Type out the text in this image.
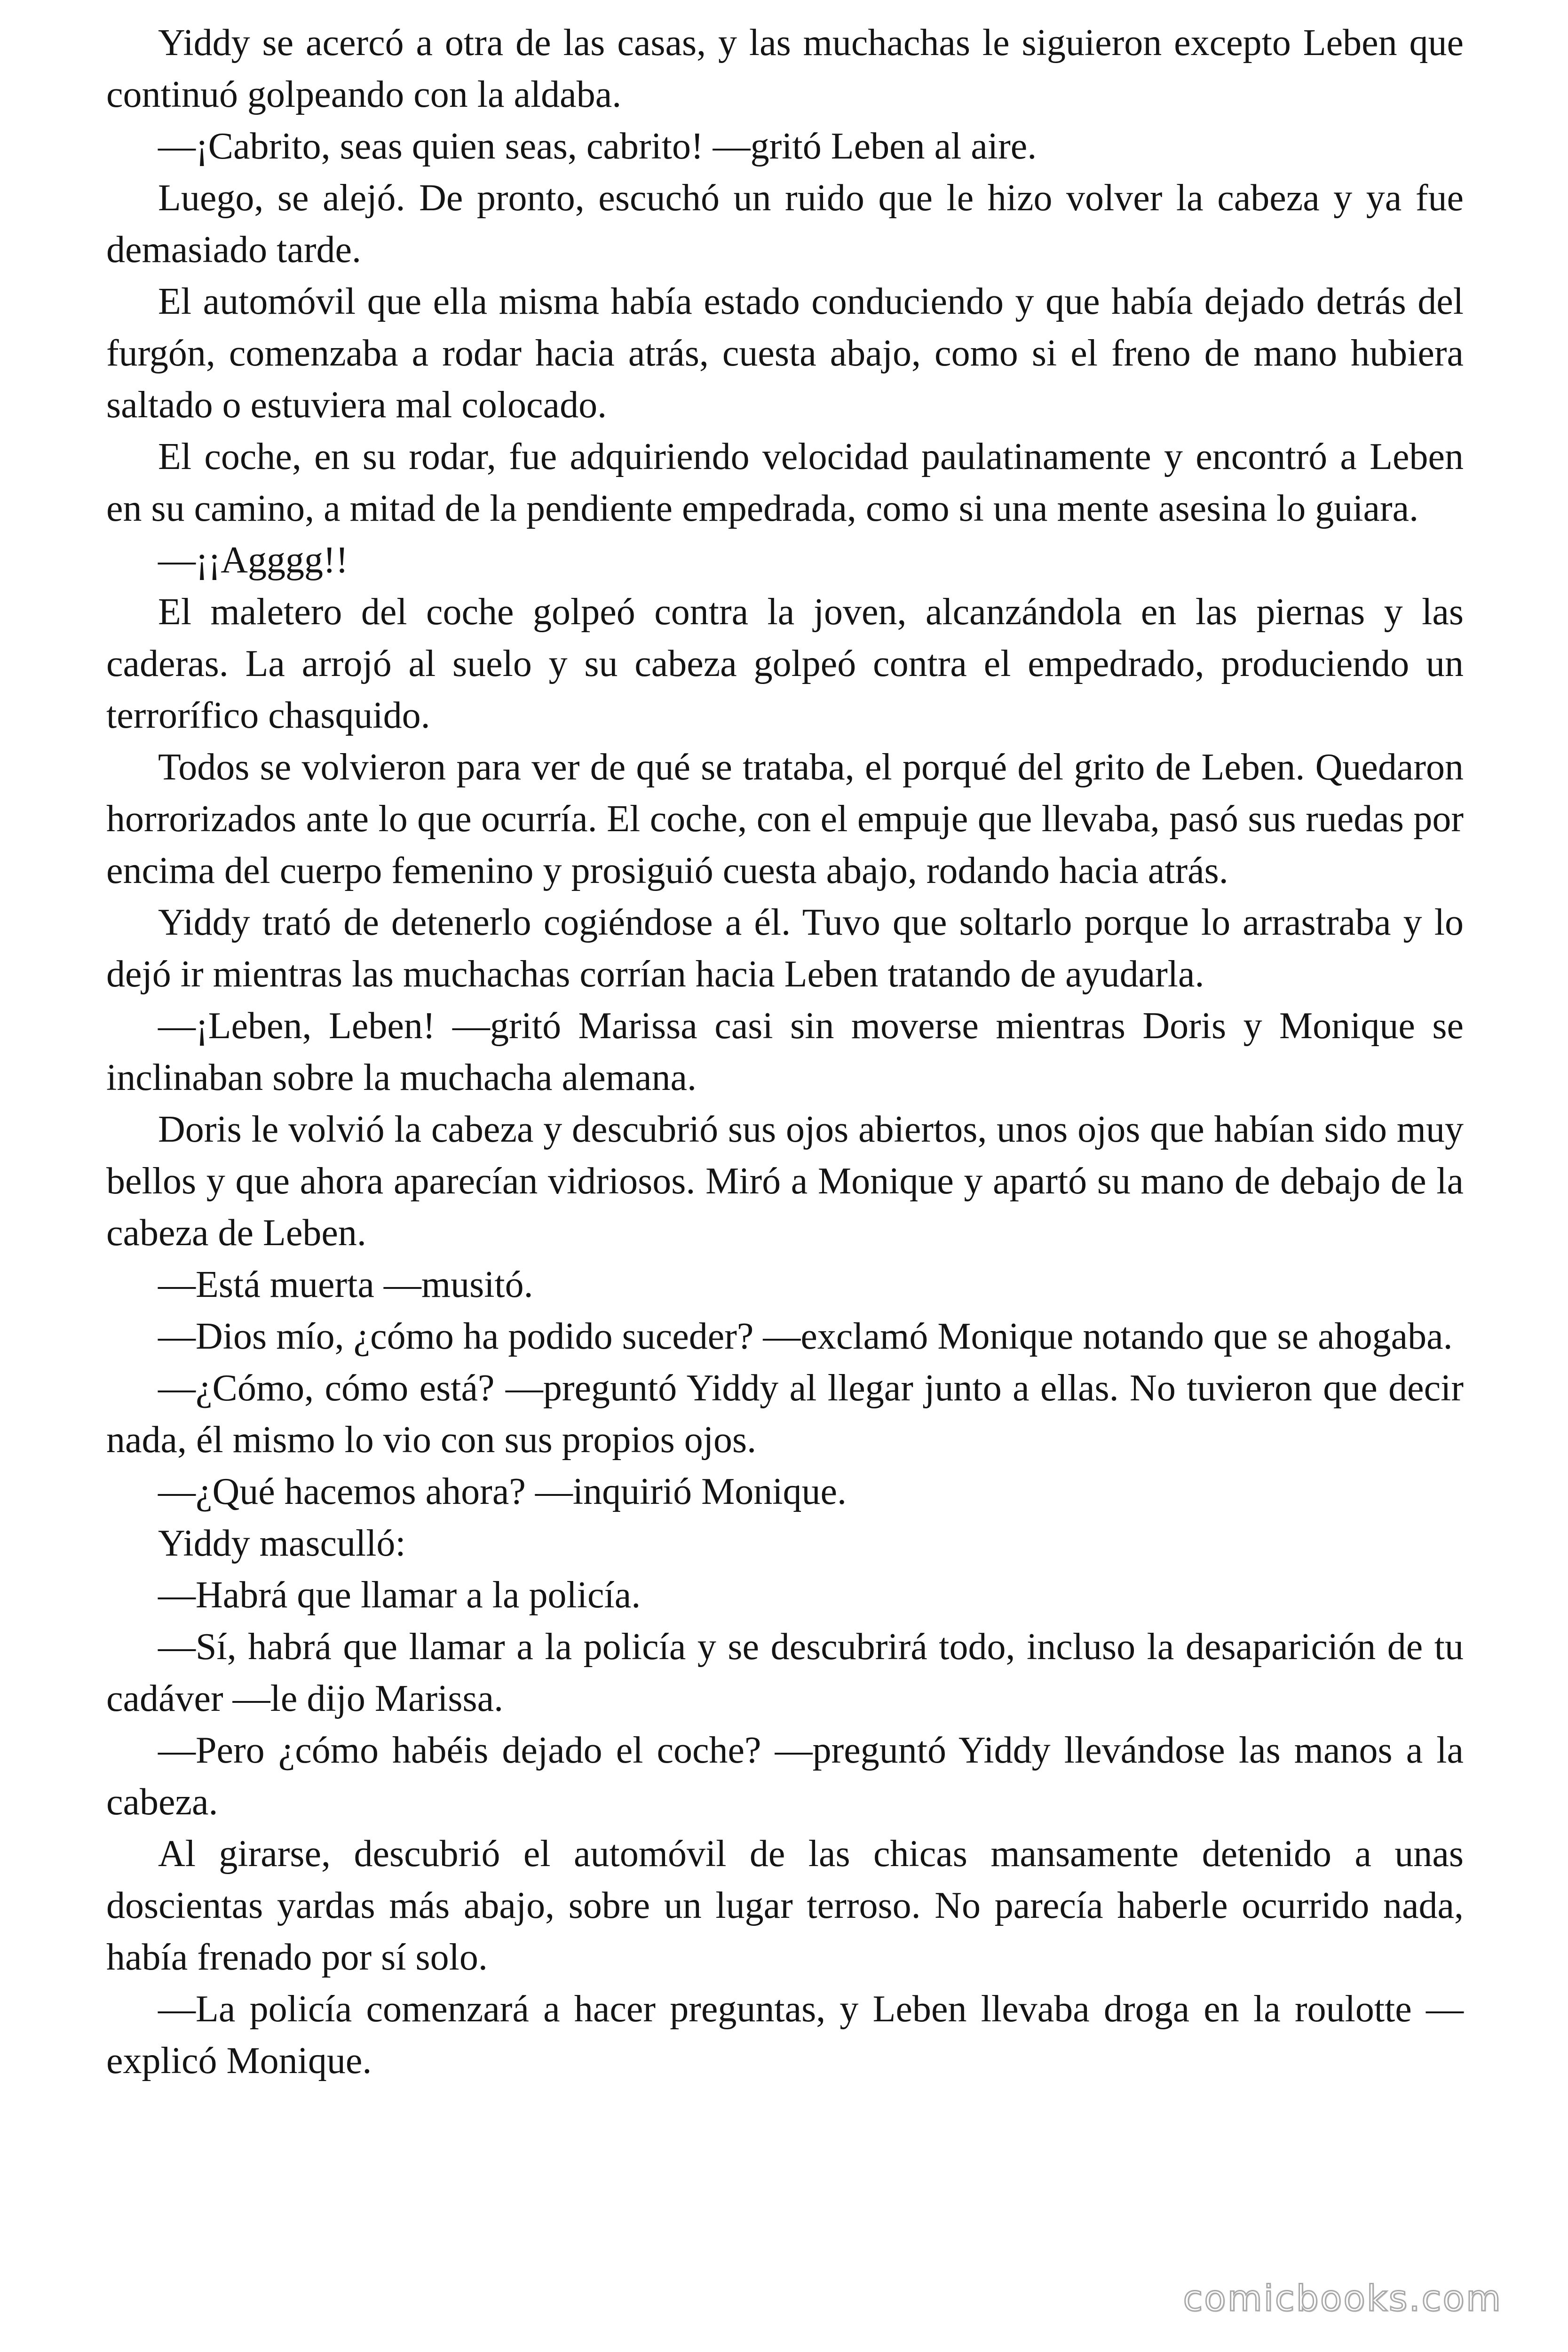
Yiddy se acercó a otra de las casas, y las muchachas le siguieron excepto Leben que continuó golpeando con la aldaba.

—¡Cabrito, seas quien seas, cabrito! —gritó Leben al aire.

Luego, se alejó. De pronto, escuchó un ruido que le hizo volver la cabeza y ya fue demasiado tarde.

El automóvil que ella misma había estado conduciendo y que había dejado detrás del furgón, comenzaba a rodar hacia atrás, cuesta abajo, como si el freno de mano hubiera saltado o estuviera mal colocado.

El coche, en su rodar, fue adquiriendo velocidad paulatinamente y encontró a Leben en su camino, a mitad de la pendiente empedrada, como si una mente asesina lo guiara.

—¡¡Agggg!!

El maletero del coche golpeó contra la joven, alcanzándola en las piernas y las caderas. La arrojó al suelo y su cabeza golpeó contra el empedrado, produciendo un terrorífico chasquido.

Todos se volvieron para ver de qué se trataba, el porqué del grito de Leben. Quedaron horrorizados ante lo que ocurría. El coche, con el empuje que llevaba, pasó sus ruedas por encima del cuerpo femenino y prosiguió cuesta abajo, rodando hacia atrás.

Yiddy trató de detenerlo cogiéndose a él. Tuvo que soltarlo porque lo arrastraba y lo dejó ir mientras las muchachas corrían hacia Leben tratando de ayudarla.

—¡Leben, Leben! —gritó Marissa casi sin moverse mientras Doris y Monique se inclinaban sobre la muchacha alemana.

Doris le volvió la cabeza y descubrió sus ojos abiertos, unos ojos que habían sido muy bellos y que ahora aparecían vidriosos. Miró a Monique y apartó su mano de debajo de la cabeza de Leben.

—Está muerta —musitó.

—Dios mío, ¿cómo ha podido suceder? —exclamó Monique notando que se ahogaba.

—¿Cómo, cómo está? —preguntó Yiddy al llegar junto a ellas. No tuvieron que decir nada, él mismo lo vio con sus propios ojos.

—¿Qué hacemos ahora? —inquirió Monique.

Yiddy masculló:

—Habrá que llamar a la policía.

—Sí, habrá que llamar a la policía y se descubrirá todo, incluso la desaparición de tu cadáver —le dijo Marissa.

—Pero ¿cómo habéis dejado el coche? —preguntó Yiddy llevándose las manos a la cabeza.

Al girarse, descubrió el automóvil de las chicas mansamente detenido a unas doscientas yardas más abajo, sobre un lugar terroso. No parecía haberle ocurrido nada, había frenado por sí solo.

—La policía comenzará a hacer preguntas, y Leben llevaba droga en la roulotte —explicó Monique.

comicbooks.com
